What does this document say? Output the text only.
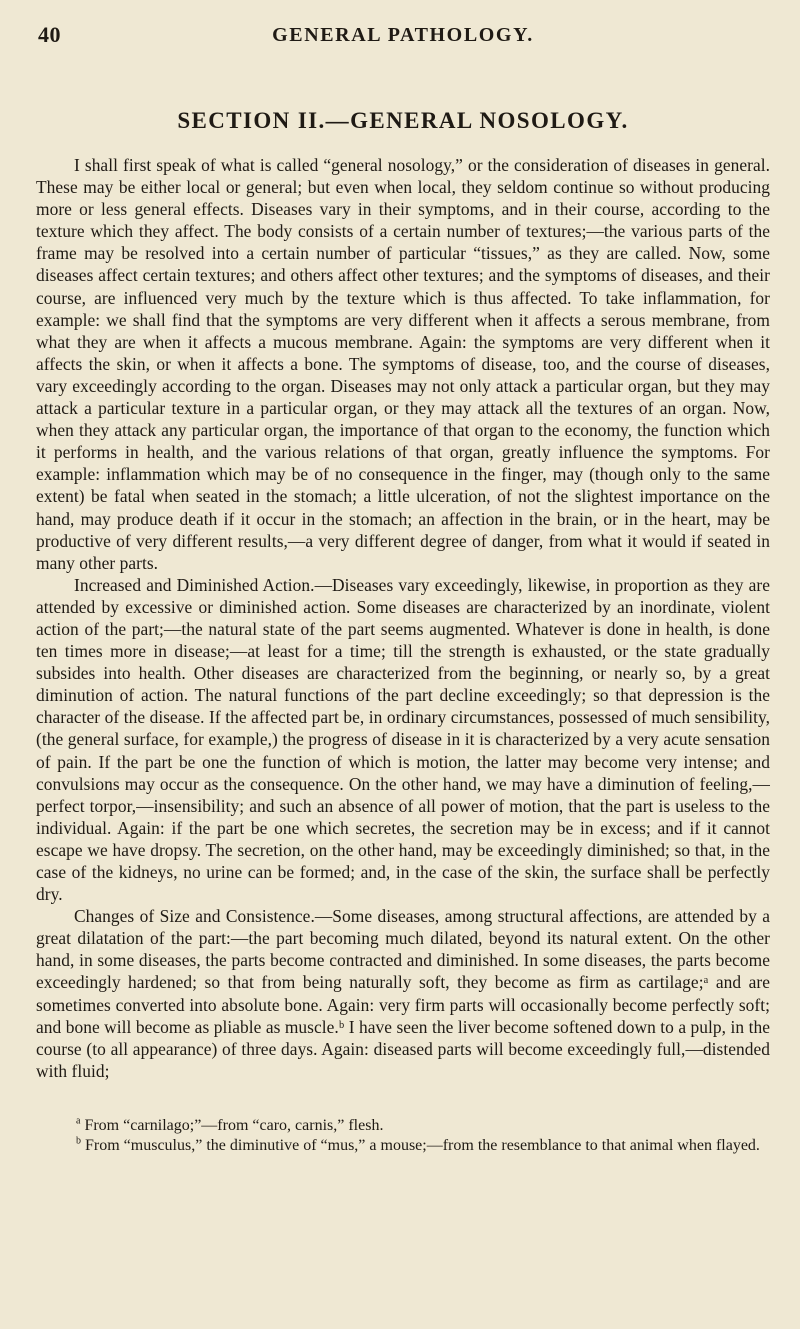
40	GENERAL PATHOLOGY.
SECTION II.—GENERAL NOSOLOGY.

I shall first speak of what is called “general nosology,” or the consideration of diseases in general. These may be either local or general; but even when local, they seldom continue so without producing more or less general effects. Diseases vary in their symptoms, and in their course, according to the texture which they affect. The body consists of a certain number of textures;—the various parts of the frame may be resolved into a certain number of particular “tissues,” as they are called. Now, some diseases affect certain textures; and others affect other textures; and the symptoms of diseases, and their course, are influenced very much by the texture which is thus affected. To take inflammation, for example: we shall find that the symptoms are very different when it affects a serous membrane, from what they are when it affects a mucous membrane. Again: the symptoms are very different when it affects the skin, or when it affects a bone. The symptoms of disease, too, and the course of diseases, vary exceedingly according to the organ. Diseases may not only attack a particular organ, but they may attack a particular texture in a particular organ, or they may attack all the textures of an organ. Now, when they attack any particular organ, the importance of that organ to the economy, the function which it performs in health, and the various relations of that organ, greatly influence the symptoms. For example: inflammation which may be of no consequence in the finger, may (though only to the same extent) be fatal when seated in the stomach; a little ulceration, of not the slightest importance on the hand, may produce death if it occur in the stomach; an affection in the brain, or in the heart, may be productive of very different results,—a very different degree of danger, from what it would if seated in many other parts.

Increased and Diminished Action.—Diseases vary exceedingly, likewise, in proportion as they are attended by excessive or diminished action. Some diseases are characterized by an inordinate, violent action of the part;—the natural state of the part seems augmented. Whatever is done in health, is done ten times more in disease;—at least for a time; till the strength is exhausted, or the state gradually subsides into health. Other diseases are characterized from the beginning, or nearly so, by a great diminution of action. The natural functions of the part decline exceedingly; so that depression is the character of the disease. If the affected part be, in ordinary circumstances, possessed of much sensibility, (the general surface, for example,) the progress of disease in it is characterized by a very acute sensation of pain. If the part be one the function of which is motion, the latter may become very intense; and convulsions may occur as the consequence. On the other hand, we may have a diminution of feeling,—perfect torpor,—insensibility; and such an absence of all power of motion, that the part is useless to the individual. Again: if the part be one which secretes, the secretion may be in excess; and if it cannot escape we have dropsy. The secretion, on the other hand, may be exceedingly diminished; so that, in the case of the kidneys, no urine can be formed; and, in the case of the skin, the surface shall be perfectly dry.

Changes of Size and Consistence.—Some diseases, among structural affections, are attended by a great dilatation of the part:—the part becoming much dilated, beyond its natural extent. On the other hand, in some diseases, the parts become contracted and diminished. In some diseases, the parts become exceedingly hardened; so that from being naturally soft, they become as firm as cartilage;ᵃ and are sometimes converted into absolute bone. Again: very firm parts will occasionally become perfectly soft; and bone will become as pliable as muscle.ᵇ I have seen the liver become softened down to a pulp, in the course (to all appearance) of three days. Again: diseased parts will become exceedingly full,—distended with fluid;

$^a$ From “carnilago;”—from “caro, carnis,” flesh.

$^b$ From “musculus,” the diminutive of “mus,” a mouse;—from the resemblance to that animal when flayed.
